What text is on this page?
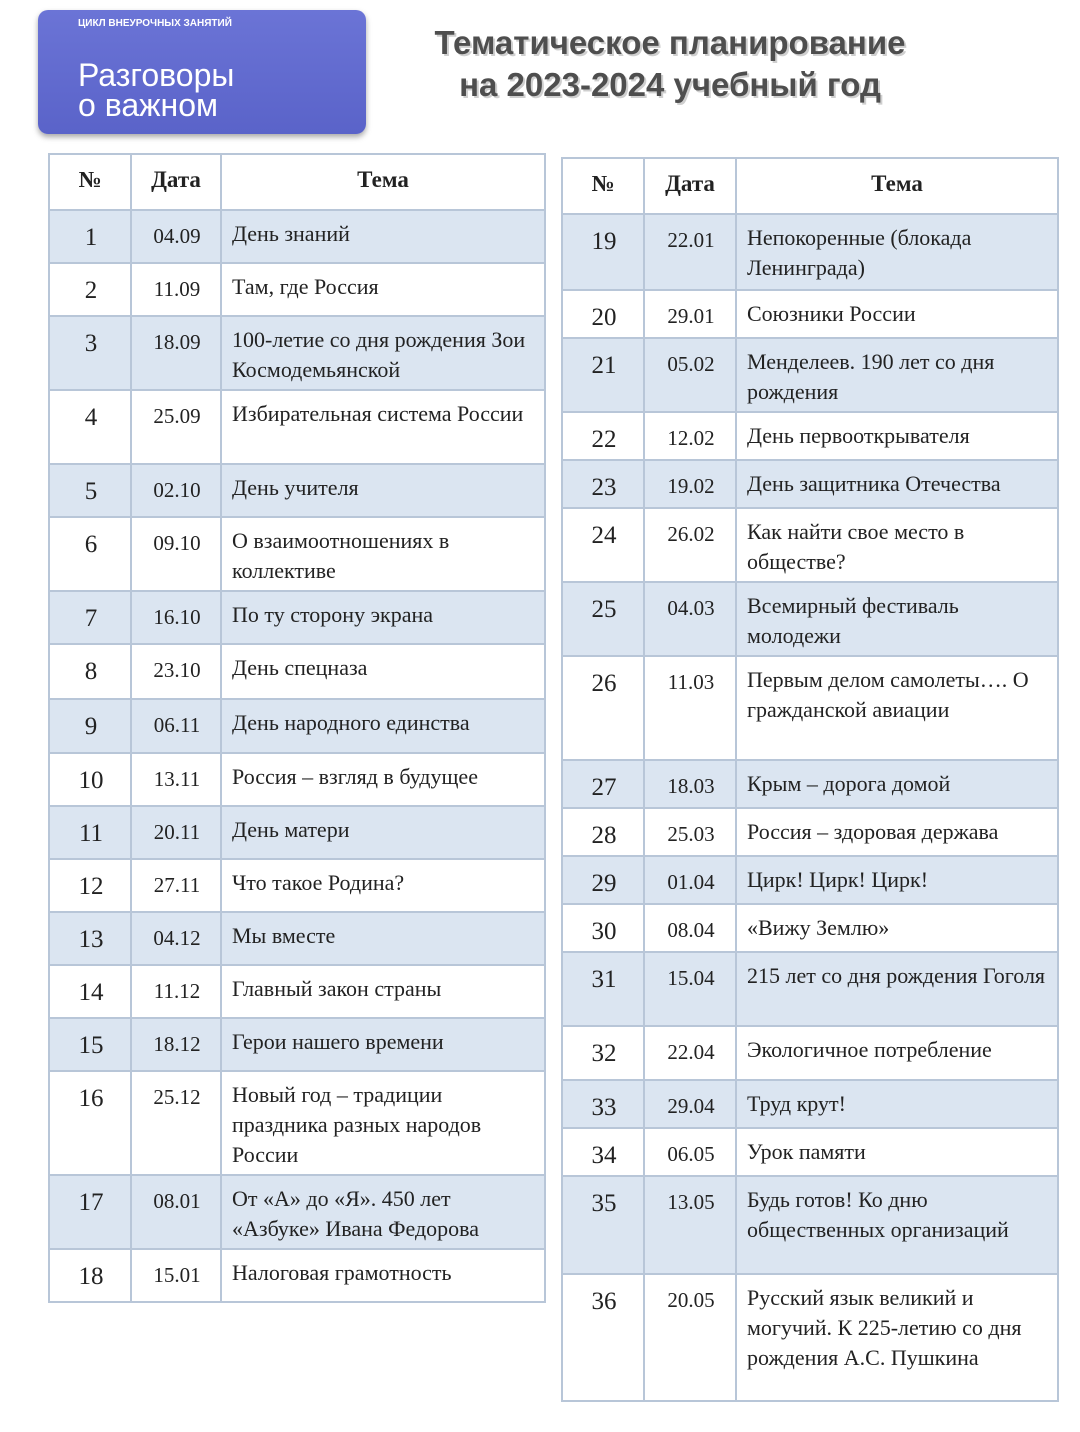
ЦИКЛ ВНЕУРОЧНЫХ ЗАНЯТИЙ
Разговоры
о важном
Тематическое планирование
на 2023-2024 учебный год
№	Дата	Тема
1	04.09	День знаний
2	11.09	Там, где Россия
3	18.09	100-летие со дня рождения Зои Космодемьянской
4	25.09	Избирательная система России
5	02.10	День учителя
6	09.10	О взаимоотношениях в коллективе
7	16.10	По ту сторону экрана
8	23.10	День спецназа
9	06.11	День народного единства
10	13.11	Россия – взгляд в будущее
11	20.11	День матери
12	27.11	Что такое Родина?
13	04.12	Мы вместе
14	11.12	Главный закон страны
15	18.12	Герои нашего времени
16	25.12	Новый год – традиции праздника разных народов России
17	08.01	От «А» до «Я». 450 лет «Азбуке» Ивана Федорова
18	15.01	Налоговая грамотность
№	Дата	Тема
19	22.01	Непокоренные (блокада Ленинграда)
20	29.01	Союзники России
21	05.02	Менделеев. 190 лет со дня рождения
22	12.02	День первооткрывателя
23	19.02	День защитника Отечества
24	26.02	Как найти свое место в обществе?
25	04.03	Всемирный фестиваль молодежи
26	11.03	Первым делом самолеты…. О гражданской авиации
27	18.03	Крым – дорога домой
28	25.03	Россия – здоровая держава
29	01.04	Цирк! Цирк! Цирк!
30	08.04	«Вижу Землю»
31	15.04	215 лет со дня рождения Гоголя
32	22.04	Экологичное потребление
33	29.04	Труд крут!
34	06.05	Урок памяти
35	13.05	Будь готов! Ко дню общественных организаций
36	20.05	Русский язык великий и могучий. К 225-летию со дня рождения А.С. Пушкина
